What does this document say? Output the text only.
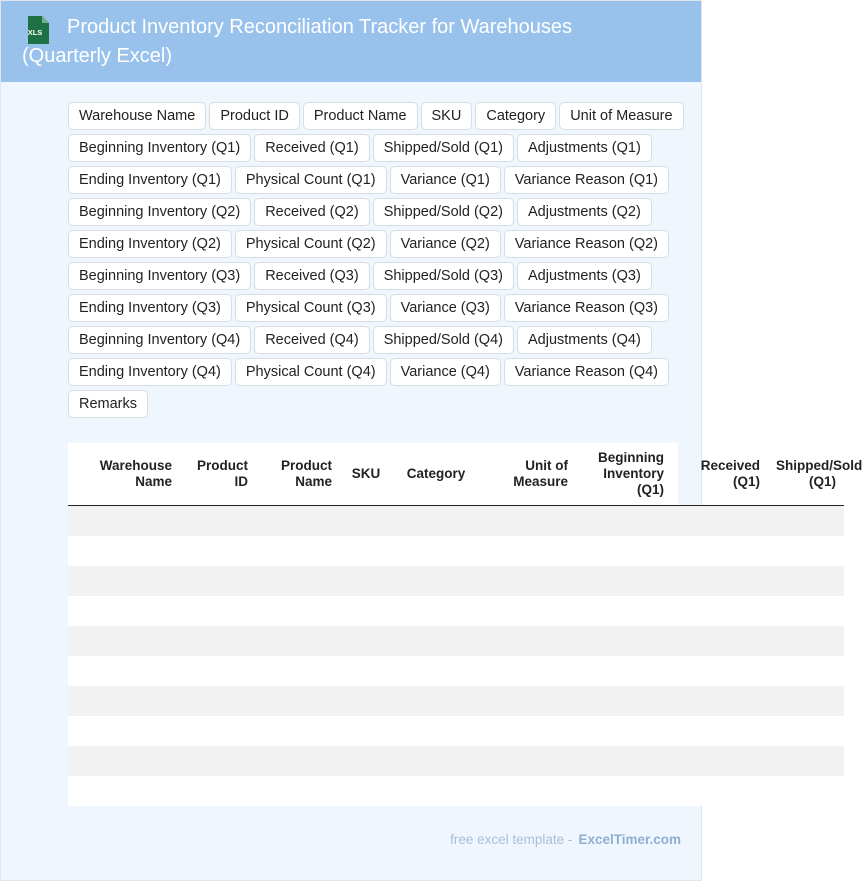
XLS	Product Inventory Reconciliation Tracker for Warehouses (Quarterly Excel)
Warehouse Name	Product ID	Product Name	SKU	Category	Unit of Measure
Beginning Inventory (Q1)	Received (Q1)	Shipped/Sold (Q1)	Adjustments (Q1)
Ending Inventory (Q1)	Physical Count (Q1)	Variance (Q1)	Variance Reason (Q1)
Beginning Inventory (Q2)	Received (Q2)	Shipped/Sold (Q2)	Adjustments (Q2)
Ending Inventory (Q2)	Physical Count (Q2)	Variance (Q2)	Variance Reason (Q2)
Beginning Inventory (Q3)	Received (Q3)	Shipped/Sold (Q3)	Adjustments (Q3)
Ending Inventory (Q3)	Physical Count (Q3)	Variance (Q3)	Variance Reason (Q3)
Beginning Inventory (Q4)	Received (Q4)	Shipped/Sold (Q4)	Adjustments (Q4)
Ending Inventory (Q4)	Physical Count (Q4)	Variance (Q4)	Variance Reason (Q4)
Remarks
Warehouse Name	Product ID	Product Name	SKU	Category	Unit of Measure	Beginning Inventory (Q1)	Received (Q1)	Shipped/Sold (Q1)

free excel template - ExcelTimer.com
